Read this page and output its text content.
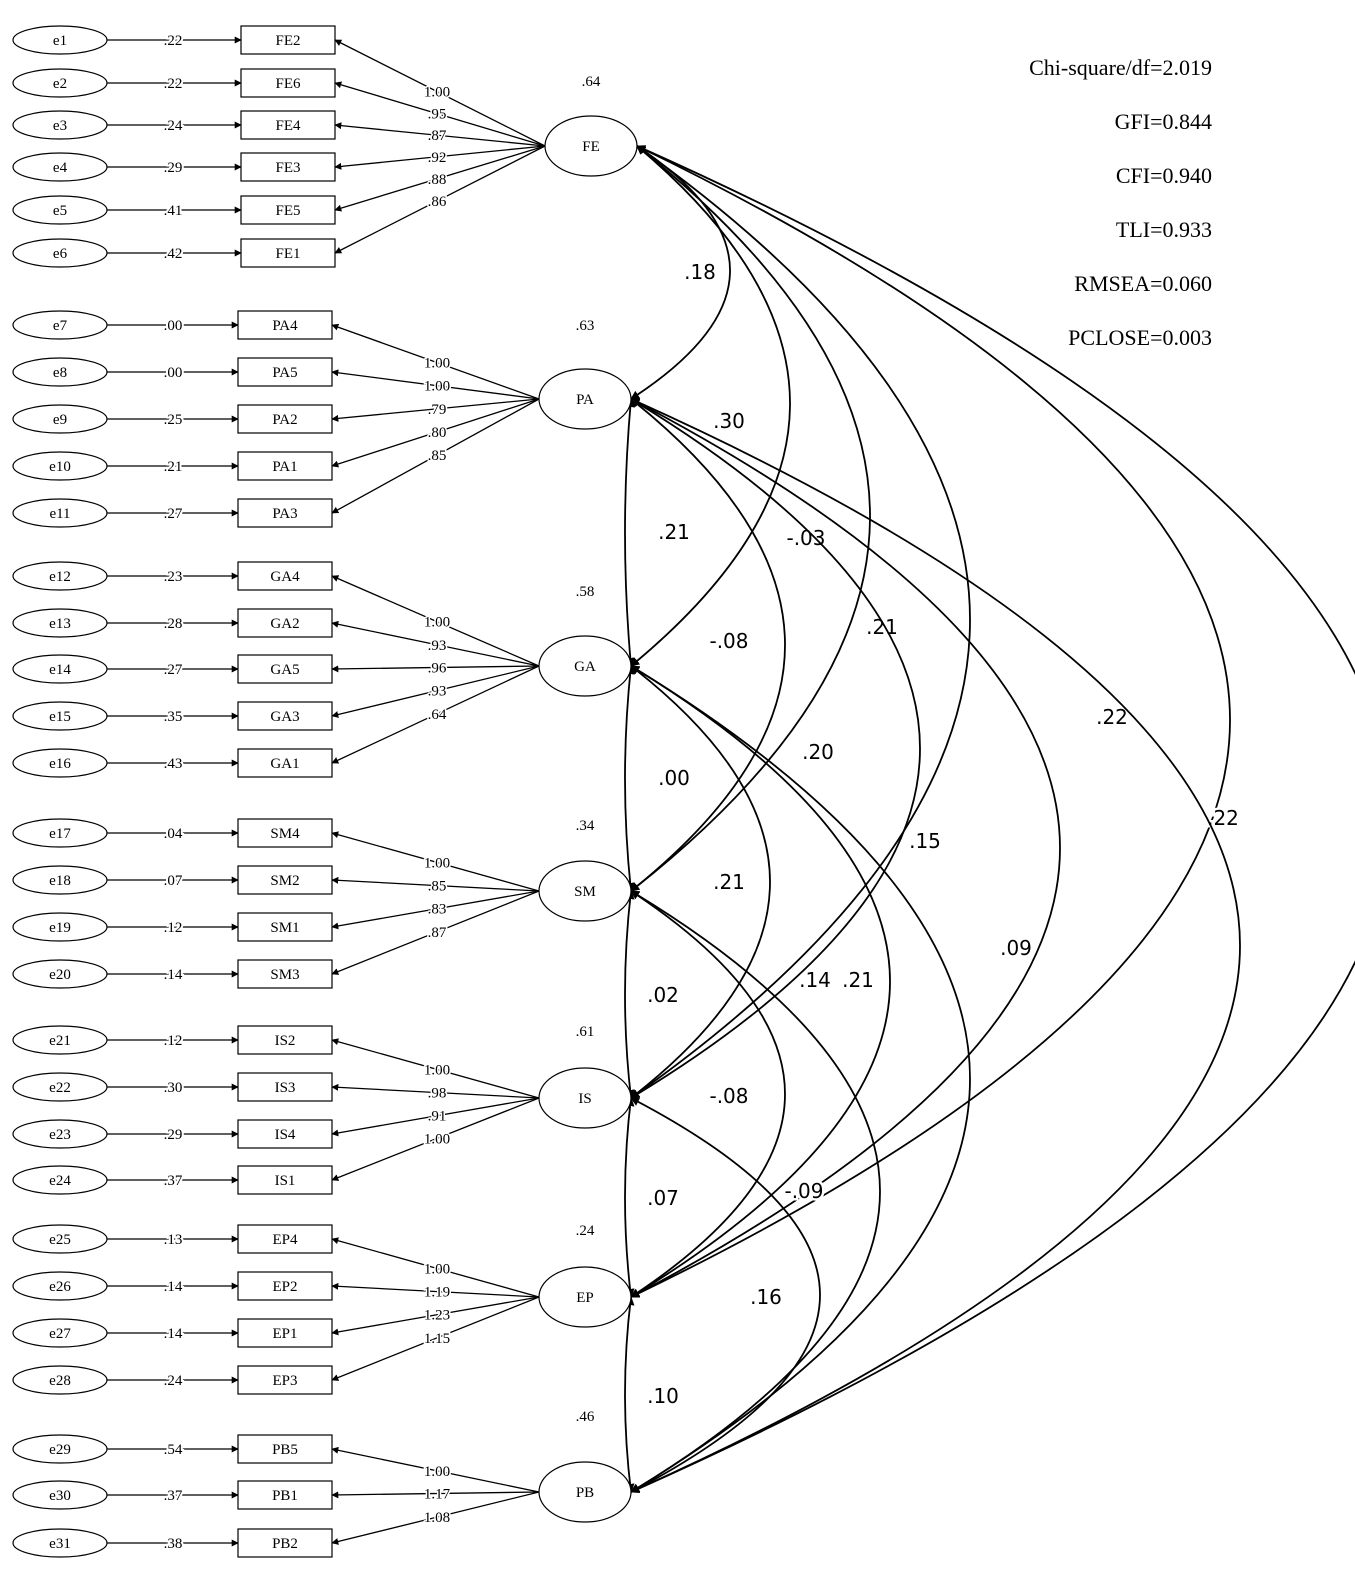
.18
.30
-.03
.21
.22
.22
.21
-.08
.20
.15
.09
.00
.21
.14 .21
.02
-.08
-.09
.07
.16
.10
.22
1.00
.22
.95
.24
.87
.29
.92
.41
.88
.42
.86
.00
1.00
.00
1.00
.25
.79
.21
.80
.27
.85
.23
1.00
.28
.93
.27	.96
.35
.93
.43
.64
.04
1.00
.07	.85
.12
.83
.14
.87
.12
1.00
.30	.98
.29
.91
.37
1.00
.13
1.00
.14	1.19
.14
1.23
.24
1.15
.54
1.00
.37	1.17
.38
1.08
e1	FE2
e2	FE6
e3	FE4
e4	FE3
e5	FE5
e6	FE1
FE
.64
e7	PA4
e8	PA5
e9	PA2
e10	PA1
e11	PA3
PA
.63
e12	GA4
e13	GA2
e14	GA5
e15	GA3
e16	GA1
GA
.58
e17	SM4
e18	SM2
e19	SM1
e20	SM3
SM
.34
e21	IS2
e22	IS3
e23	IS4
e24	IS1
IS
.61
e25	EP4
e26	EP2
e27	EP1
e28	EP3
EP
.24
e29	PB5
e30	PB1
e31	PB2
PB
.46
Chi-square/df=2.019
GFI=0.844
CFI=0.940
TLI=0.933
RMSEA=0.060
PCLOSE=0.003
